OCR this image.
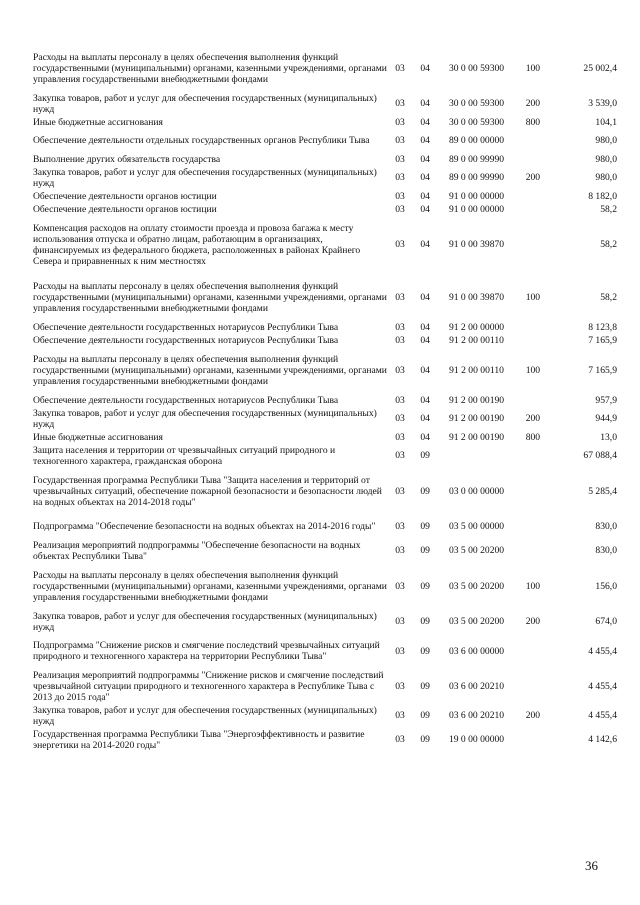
Расходы на выплаты персоналу в целях обеспечения выполнения функций государственными (муниципальными) органами, казенными учреждениями, органами управления государственными внебюджетными фондами	03	04	30 0 00 59300	100	25 002,4
Закупка товаров, работ и услуг для обеспечения государственных (муниципальных) нужд	03	04	30 0 00 59300	200	3 539,0
Иные бюджетные ассигнования	03	04	30 0 00 59300	800	104,1
Обеспечение деятельности отдельных государственных органов Республики Тыва	03	04	89 0 00 00000		980,0
Выполнение других обязательств государства	03	04	89 0 00 99990		980,0
Закупка товаров, работ и услуг для обеспечения государственных (муниципальных) нужд	03	04	89 0 00 99990	200	980,0
Обеспечение деятельности органов юстиции	03	04	91 0 00 00000		8 182,0
Обеспечение деятельности органов юстиции	03	04	91 0 00 00000		58,2
Компенсация расходов на оплату стоимости проезда и провоза багажа к месту использования отпуска и обратно лицам, работающим в организациях, финансируемых из федерального бюджета, расположенных в районах Крайнего Севера и приравненных к ним местностях	03	04	91 0 00 39870		58,2
Расходы на выплаты персоналу в целях обеспечения выполнения функций государственными (муниципальными) органами, казенными учреждениями, органами управления государственными внебюджетными фондами	03	04	91 0 00 39870	100	58,2
Обеспечение деятельности государственных нотариусов Республики Тыва	03	04	91 2 00 00000		8 123,8
Обеспечение деятельности государственных нотариусов Республики Тыва	03	04	91 2 00 00110		7 165,9
Расходы на выплаты персоналу в целях обеспечения выполнения функций государственными (муниципальными) органами, казенными учреждениями, органами управления государственными внебюджетными фондами	03	04	91 2 00 00110	100	7 165,9
Обеспечение деятельности государственных нотариусов Республики Тыва	03	04	91 2 00 00190		957,9
Закупка товаров, работ и услуг для обеспечения государственных (муниципальных) нужд	03	04	91 2 00 00190	200	944,9
Иные бюджетные ассигнования	03	04	91 2 00 00190	800	13,0
Защита населения и территории от чрезвычайных ситуаций природного и техногенного характера, гражданская оборона	03	09			67 088,4
Государственная программа Республики Тыва "Защита населения и территорий от чрезвычайных ситуаций, обеспечение пожарной безопасности и безопасности людей на водных объектах на 2014-2018 годы"	03	09	03 0 00 00000		5 285,4
Подпрограмма "Обеспечение безопасности на водных объектах на 2014-2016 годы"	03	09	03 5 00 00000		830,0
Реализация мероприятий подпрограммы "Обеспечение безопасности на водных объектах Республики Тыва"	03	09	03 5 00 20200		830,0
Расходы на выплаты персоналу в целях обеспечения выполнения функций государственными (муниципальными) органами, казенными учреждениями, органами управления государственными внебюджетными фондами	03	09	03 5 00 20200	100	156,0
Закупка товаров, работ и услуг для обеспечения государственных (муниципальных) нужд	03	09	03 5 00 20200	200	674,0
Подпрограмма "Снижение рисков и смягчение последствий чрезвычайных ситуаций природного и техногенного характера на территории Республики Тыва"	03	09	03 6 00 00000		4 455,4
Реализация мероприятий подпрограммы "Снижение рисков и смягчение последствий чрезвычайной ситуации природного и техногенного характера в Республике Тыва с 2013 до 2015 года"	03	09	03 6 00 20210		4 455,4
Закупка товаров, работ и услуг для обеспечения государственных (муниципальных) нужд	03	09	03 6 00 20210	200	4 455,4
Государственная программа Республики Тыва "Энергоэффективность и развитие энергетики на 2014-2020 годы"	03	09	19 0 00 00000		4 142,6
36
